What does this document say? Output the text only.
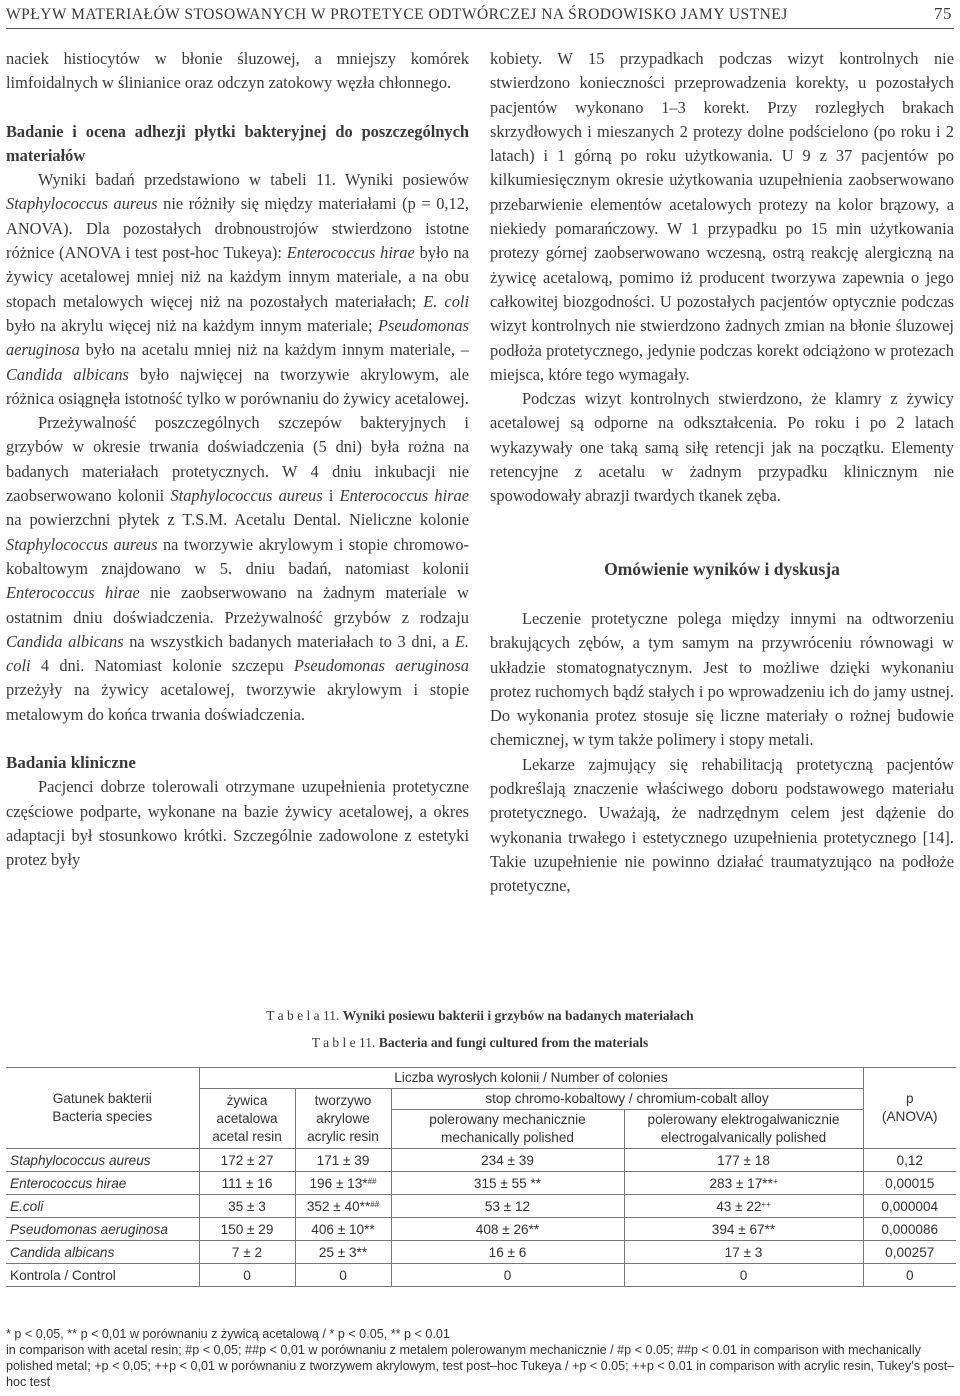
WPŁYW MATERIAŁÓW STOSOWANYCH W PROTETYCE ODTWÓRCZEJ NA ŚRODOWISKO JAMY USTNEJ	75

naciek histiocytów w błonie śluzowej, a mniejszy komórek limfoidalnych w ślinianice oraz odczyn zatokowy węzła chłonnego.

Badanie i ocena adhezji płytki bakteryjnej do poszczególnych materiałów

Wyniki badań przedstawiono w tabeli 11. Wyniki posiewów Staphylococcus aureus nie różniły się między materiałami (p = 0,12, ANOVA). Dla pozostałych drobnoustrojów stwierdzono istotne różnice (ANOVA i test post-hoc Tukeya): Enterococcus hirae było na żywicy acetalowej mniej niż na każdym innym materiale, a na obu stopach metalowych więcej niż na pozostałych materiałach; E. coli było na akrylu więcej niż na każdym innym materiale; Pseudomonas aeruginosa było na acetalu mniej niż na każdym innym materiale, – Candida albicans było najwięcej na tworzywie akrylowym, ale różnica osiągnęła istotność tylko w porównaniu do żywicy acetalowej.

Przeżywalność poszczególnych szczepów bakteryjnych i grzybów w okresie trwania doświadczenia (5 dni) była rożna na badanych materiałach protetycznych. W 4 dniu inkubacji nie zaobserwowano kolonii Staphylococcus aureus i Enterococcus hirae na powierzchni płytek z T.S.M. Acetalu Dental. Nieliczne kolonie Staphylococcus aureus na tworzywie akrylowym i stopie chromowo-kobaltowym znajdowano w 5. dniu badań, natomiast kolonii Enterococcus hirae nie zaobserwowano na żadnym materiale w ostatnim dniu doświadczenia. Przeżywalność grzybów z rodzaju Candida albicans na wszystkich badanych materiałach to 3 dni, a E. coli 4 dni. Natomiast kolonie szczepu Pseudomonas aeruginosa przeżyły na żywicy acetalowej, tworzywie akrylowym i stopie metalowym do końca trwania doświadczenia.

Badania kliniczne

Pacjenci dobrze tolerowali otrzymane uzupełnienia protetyczne częściowe podparte, wykonane na bazie żywicy acetalowej, a okres adaptacji był stosunkowo krótki. Szczególnie zadowolone z estetyki protez były

kobiety. W 15 przypadkach podczas wizyt kontrolnych nie stwierdzono konieczności przeprowadzenia korekty, u pozostałych pacjentów wykonano 1–3 korekt. Przy rozległych brakach skrzydłowych i mieszanych 2 protezy dolne podścielono (po roku i 2 latach) i 1 górną po roku użytkowania. U 9 z 37 pacjentów po kilkumiesięcznym okresie użytkowania uzupełnienia zaobserwowano przebarwienie elementów acetalowych protezy na kolor brązowy, a niekiedy pomarańczowy. W 1 przypadku po 15 min użytkowania protezy górnej zaobserwowano wczesną, ostrą reakcję alergiczną na żywicę acetalową, pomimo iż producent tworzywa zapewnia o jego całkowitej biozgodności. U pozostałych pacjentów optycznie podczas wizyt kontrolnych nie stwierdzono żadnych zmian na błonie śluzowej podłoża protetycznego, jedynie podczas korekt odciążono w protezach miejsca, które tego wymagały.

Podczas wizyt kontrolnych stwierdzono, że klamry z żywicy acetalowej są odporne na odkształcenia. Po roku i po 2 latach wykazywały one taką samą siłę retencji jak na początku. Elementy retencyjne z acetalu w żadnym przypadku klinicznym nie spowodowały abrazji twardych tkanek zęba.

Omówienie wyników i dyskusja

Leczenie protetyczne polega między innymi na odtworzeniu brakujących zębów, a tym samym na przywróceniu równowagi w układzie stomatognatycznym. Jest to możliwe dzięki wykonaniu protez ruchomych bądź stałych i po wprowadzeniu ich do jamy ustnej. Do wykonania protez stosuje się liczne materiały o rożnej budowie chemicznej, w tym także polimery i stopy metali.

Lekarze zajmujący się rehabilitacją protetyczną pacjentów podkreślają znaczenie właściwego doboru podstawowego materiału protetycznego. Uważają, że nadrzędnym celem jest dążenie do wykonania trwałego i estetycznego uzupełnienia protetycznego [14]. Takie uzupełnienie nie powinno działać traumatyzująco na podłoże protetyczne,

T a b e l a 11. Wyniki posiewu bakterii i grzybów na badanych materiałach
T a b l e 11. Bacteria and fungi cultured from the materials
Gatunek bakterii
Bacteria species	Liczba wyrosłych kolonii / Number of colonies				p
(ANOVA)
	żywica
acetalowa
acetal resin	tworzywo
akrylowe
acrylic resin	stop chromo-kobaltowy / chromium-cobalt alloy		
			polerowany mechanicznie
mechanically polished	polerowany elektrogalwanicznie
electrogalvanically polished	
Staphylococcus aureus	172 ± 27	171 ± 39	234 ± 39	177 ± 18	0,12
Enterococcus hirae	111 ± 16	196 ± 13*##	315 ± 55 **	283 ± 17**+	0,00015
E.coli	35 ± 3	352 ± 40**##	53 ± 12	43 ± 22++	0,000004
Pseudomonas aeruginosa	150 ± 29	406 ± 10**	408 ± 26**	394 ± 67**	0,000086
Candida albicans	7 ± 2	25 ± 3**	16 ± 6	17 ± 3	0,00257
Kontrola / Control	0	0	0	0	0

* p < 0,05, ** p < 0,01 w porównaniu z żywicą acetalową / * p < 0.05, ** p < 0.01

in comparison with acetal resin; #p < 0,05; ##p < 0,01 w porównaniu z metalem polerowanym mechanicznie / #p < 0.05; ##p < 0.01 in comparison with mechanically polished metal; +p < 0,05; ++p < 0,01 w porównaniu z tworzywem akrylowym, test post–hoc Tukeya / +p < 0.05; ++p < 0.01 in comparison with acrylic resin, Tukey’s post–hoc test
